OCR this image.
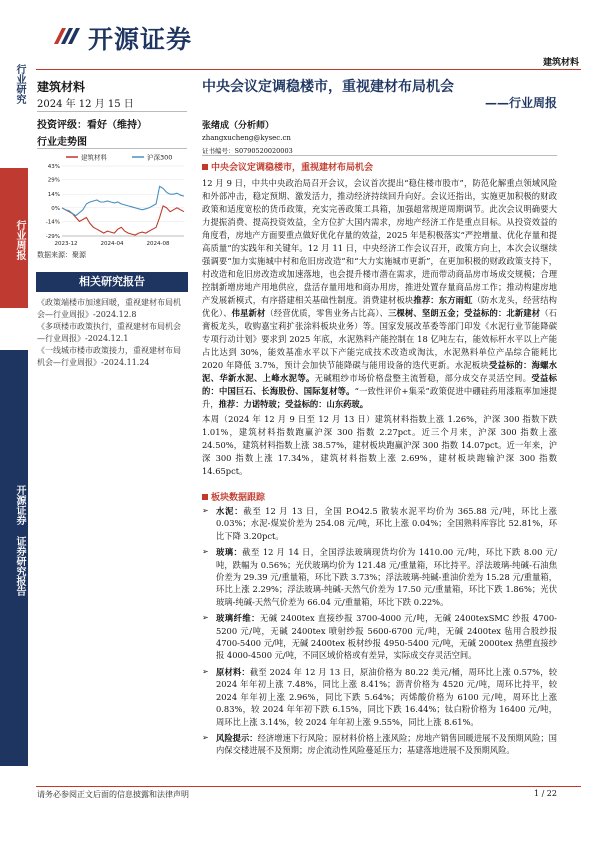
开源证券
建筑材料
行业研究
行业周报
开源证券 证券研究报告
建筑材料
2024 年 12 月 15 日
投资评级：看好（维持）
行业走势图
建筑材料	沪深300
43%
29%
14%
0%
-14%
-29%
2023-12	2024-04	2024-08
数据来源：聚源
相关研究报告
《政策端楼市加速回暖，重视建材布局机会—行业周报》-2024.12.8
《多项楼市政策执行，重视建材布局机会—行业周报》-2024.12.1
《一线城市楼市政策接力，重视建材布局机会—行业周报》-2024.11.24
中央会议定调稳楼市，重视建材布局机会
——行业周报
张绪成（分析师）
zhangxucheng@kysec.cn
证书编号：S0790520020003
中央会议定调稳楼市，重视建材布局机会
12 月 9 日，中共中央政治局召开会议，会议首次提出“稳住楼市股市”，防范化解重点领域风险和外部冲击，稳定预期、激发活力，推动经济持续回升向好。会议还指出，实施更加积极的财政政策和适度宽松的货币政策，充实完善政策工具箱，加强超常规逆周期调节。此次会议明确要大力提振消费、提高投资效益，全方位扩大国内需求，房地产经济工作是重点目标。从投资效益的角度看，房地产方面要重点做好优化存量的效益，2025 年是积极落实“严控增量、优化存量和提高质量”的实践年和关键年。12 月 11 日，中央经济工作会议召开，政策方向上，本次会议继续强调要“加力实施城中村和危旧房改造”和“大力实施城市更新”，在更加积极的财政政策支持下，村改造和危旧房改造或加速落地，也会提升楼市潜在需求，进而带动商品房市场成交规模；合理控制新增房地产用地供应，盘活存量用地和商办用房，推进处置存量商品房工作；推动构建房地产发展新模式，有序搭建相关基础性制度。消费建材板块推荐：东方雨虹（防水龙头，经营结构优化）、伟星新材（经营优质，零售业务占比高）、三棵树、坚朗五金；受益标的：北新建材（石膏板龙头，收购嘉宝莉扩张涂料板块业务）等。国家发展改革委等部门印发《水泥行业节能降碳专项行动计划》要求到 2025 年底，水泥熟料产能控制在 18 亿吨左右，能效标杆水平以上产能占比达到 30%，能效基准水平以下产能完成技术改造或淘汰，水泥熟料单位产品综合能耗比 2020 年降低 3.7%，预计会加快节能降碳与能用设备的迭代更新。水泥板块受益标的：海螺水泥、华新水泥、上峰水泥等。无碱粗纱市场价格盘整主流暂稳，部分成交存灵活空间。受益标的：中国巨石、长海股份、国际复材等。“一致性评价+集采”政策促进中硼硅药用漆瓶率加速提升，推荐：力诺特玻；受益标的：山东药玻。
本周（2024 年 12 月 9 日至 12 月 13 日）建筑材料指数上涨 1.26%，沪深 300 指数下跌 1.01%，建筑材料指数跑赢沪深 300 指数 2.27pct。近三个月来，沪深 300 指数上涨 24.50%，建筑材料指数上涨 38.57%，建材板块跑赢沪深 300 指数 14.07pct。近一年来，沪深 300 指数上涨 17.34%，建筑材料指数上涨 2.69%，建材板块跑输沪深 300 指数 14.65pct。
板块数据跟踪
➢ 水泥：截至 12 月 13 日，全国 P.O42.5 散装水泥平均价为 365.88 元/吨，环比上涨 0.03%；水泥-煤炭价差为 254.08 元/吨，环比上涨 0.04%；全国熟料库容比 52.81%，环比下降 3.20pct。
➢ 玻璃：截至 12 月 14 日，全国浮法玻璃现货均价为 1410.00 元/吨，环比下跌 8.00 元/吨，跌幅为 0.56%；光伏玻璃均价为 121.48 元/重量箱，环比持平。浮法玻璃-纯碱-石油焦价差为 29.39 元/重量箱，环比下跌 3.73%；浮法玻璃-纯碱-重油价差为 15.28 元/重量箱，环比上涨 2.29%；浮法玻璃-纯碱-天然气价差为 17.50 元/重量箱，环比下跌 1.86%；光伏玻璃-纯碱-天然气价差为 66.04 元/重量箱，环比下跌 0.22%。
➢ 玻璃纤维：无碱 2400tex 直接纱报 3700-4000 元/吨，无碱 2400texSMC 纱报 4700-5200 元/吨，无碱 2400tex 喷射纱报 5600-6700 元/吨，无碱 2400tex 毡用合股纱报 4700-5400 元/吨，无碱 2400tex 板材纱报 4950-5400 元/吨，无碱 2000tex 热塑直接纱报 4000-4500 元/吨，不同区域价格或有差异，实际成交存灵活空间。
➢ 原材料：截至 2024 年 12 月 13 日，原油价格为 80.22 美元/桶，周环比上涨 0.57%，较 2024 年年初上涨 7.48%，同比上涨 8.41%；沥青价格为 4520 元/吨，周环比持平，较 2024 年年初上涨 2.96%，同比下跌 5.64%；丙烯酸价格为 6100 元/吨，周环比上涨 0.83%，较 2024 年年初下跌 6.15%，同比下跌 16.44%；钛白粉价格为 16400 元/吨，周环比上涨 3.14%，较 2024 年年初上涨 9.55%，同比上涨 8.61%。
➢ 风险提示：经济增速下行风险；原材料价格上涨风险；房地产销售回暖进展不及预期风险；国内保交楼进展不及预期；房企流动性风险蔓延压力；基建落地进展不及预期风险。
请务必参阅正文后面的信息披露和法律声明	1 / 22
